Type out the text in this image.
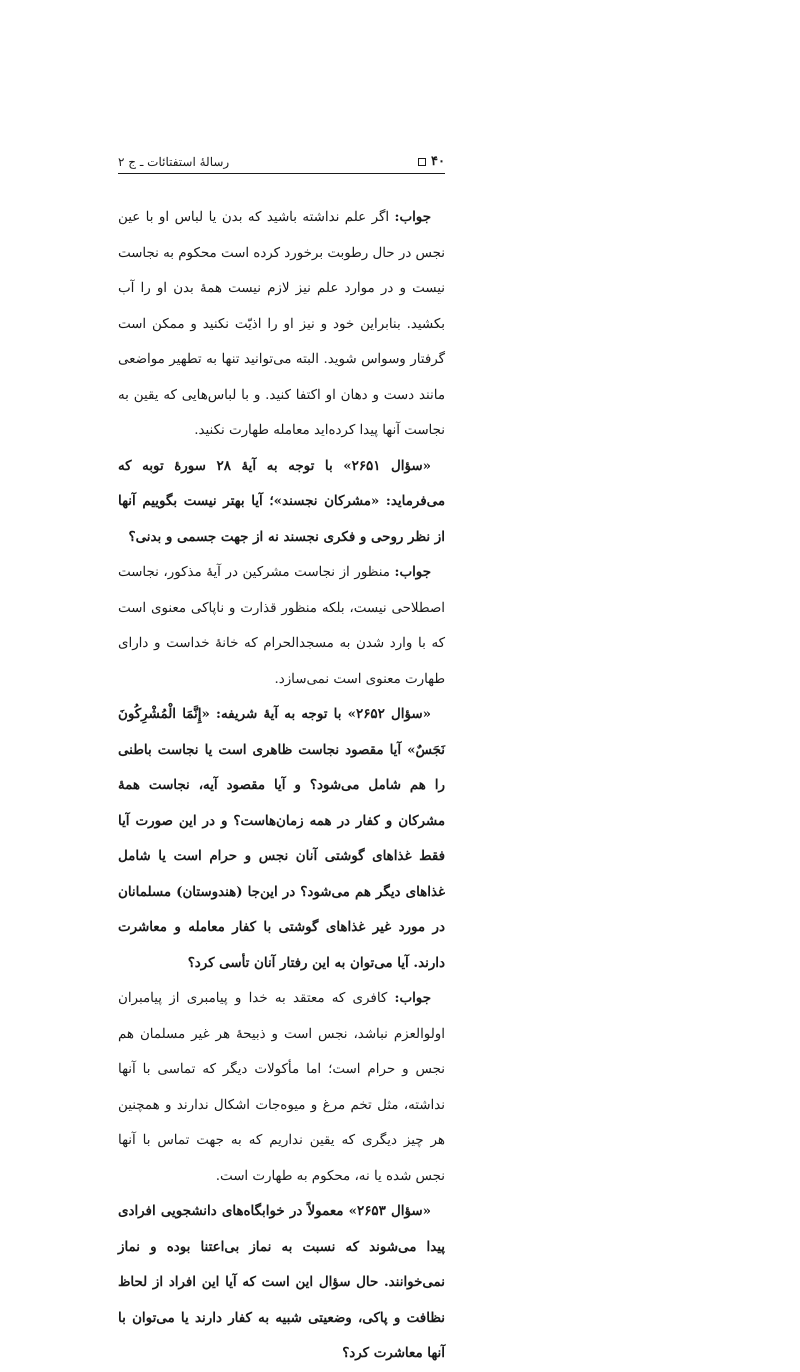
۴۰
رسالۀ استفتائات ـ ج ۲

جواب: اگر علم نداشته باشید که بدن یا لباس او با عین نجس در حال رطوبت برخورد کرده است محکوم به نجاست نیست و در موارد علم نیز لازم نیست همهٔ بدن او را آب بکشید. بنابراین خود و نیز او را اذیّت نکنید و ممکن است گرفتار وسواس شوید. البته می‌توانید تنها به تطهیر مواضعی مانند دست و دهان او اکتفا کنید. و با لباس‌هایی که یقین به نجاست آنها پیدا کرده‌اید معامله طهارت نکنید.

«سؤال ۲۶۵۱» با توجه به آیهٔ ۲۸ سورهٔ توبه که می‌فرماید: «مشرکان نجسند»؛ آیا بهتر نیست بگوییم آنها از نظر روحی و فکری نجسند نه از جهت جسمی و بدنی؟

جواب: منظور از نجاست مشرکین در آیهٔ مذکور، نجاست اصطلاحی نیست، بلکه منظور قذارت و ناپاکی معنوی است که با وارد شدن به مسجدالحرام که خانهٔ خداست و دارای طهارت معنوی است نمی‌سازد.

«سؤال ۲۶۵۲» با توجه به آیهٔ شریفه: «إِنَّمَا الْمُشْرِكُونَ نَجَسٌ» آیا مقصود نجاست ظاهری است یا نجاست باطنی را هم شامل می‌شود؟ و آیا مقصود آیه، نجاست همهٔ مشرکان و کفار در همه زمان‌هاست؟ و در این صورت آیا فقط غذاهای گوشتی آنان نجس و حرام است یا شامل غذاهای دیگر هم می‌شود؟ در این‌جا (هندوستان) مسلمانان در مورد غیر غذاهای گوشتی با کفار معامله و معاشرت دارند. آیا می‌توان به این رفتار آنان تأسی کرد؟

جواب: کافری که معتقد به خدا و پیامبری از پیامبران اولوالعزم نباشد، نجس است و ذبیحهٔ هر غیر مسلمان هم نجس و حرام است؛ اما مأکولات دیگر که تماسی با آنها نداشته، مثل تخم مرغ و میوه‌جات اشکال ندارند و همچنین هر چیز دیگری که یقین نداریم که به جهت تماس با آنها نجس شده یا نه، محکوم به طهارت است.

«سؤال ۲۶۵۳» معمولاً در خوابگاه‌های دانشجویی افرادی پیدا می‌شوند که نسبت به نماز بی‌اعتنا بوده و نماز نمی‌خوانند. حال سؤال این است که آیا این افراد از لحاظ نظافت و پاکی، وضعیتی شبیه به کفار دارند یا می‌توان با آنها معاشرت کرد؟
